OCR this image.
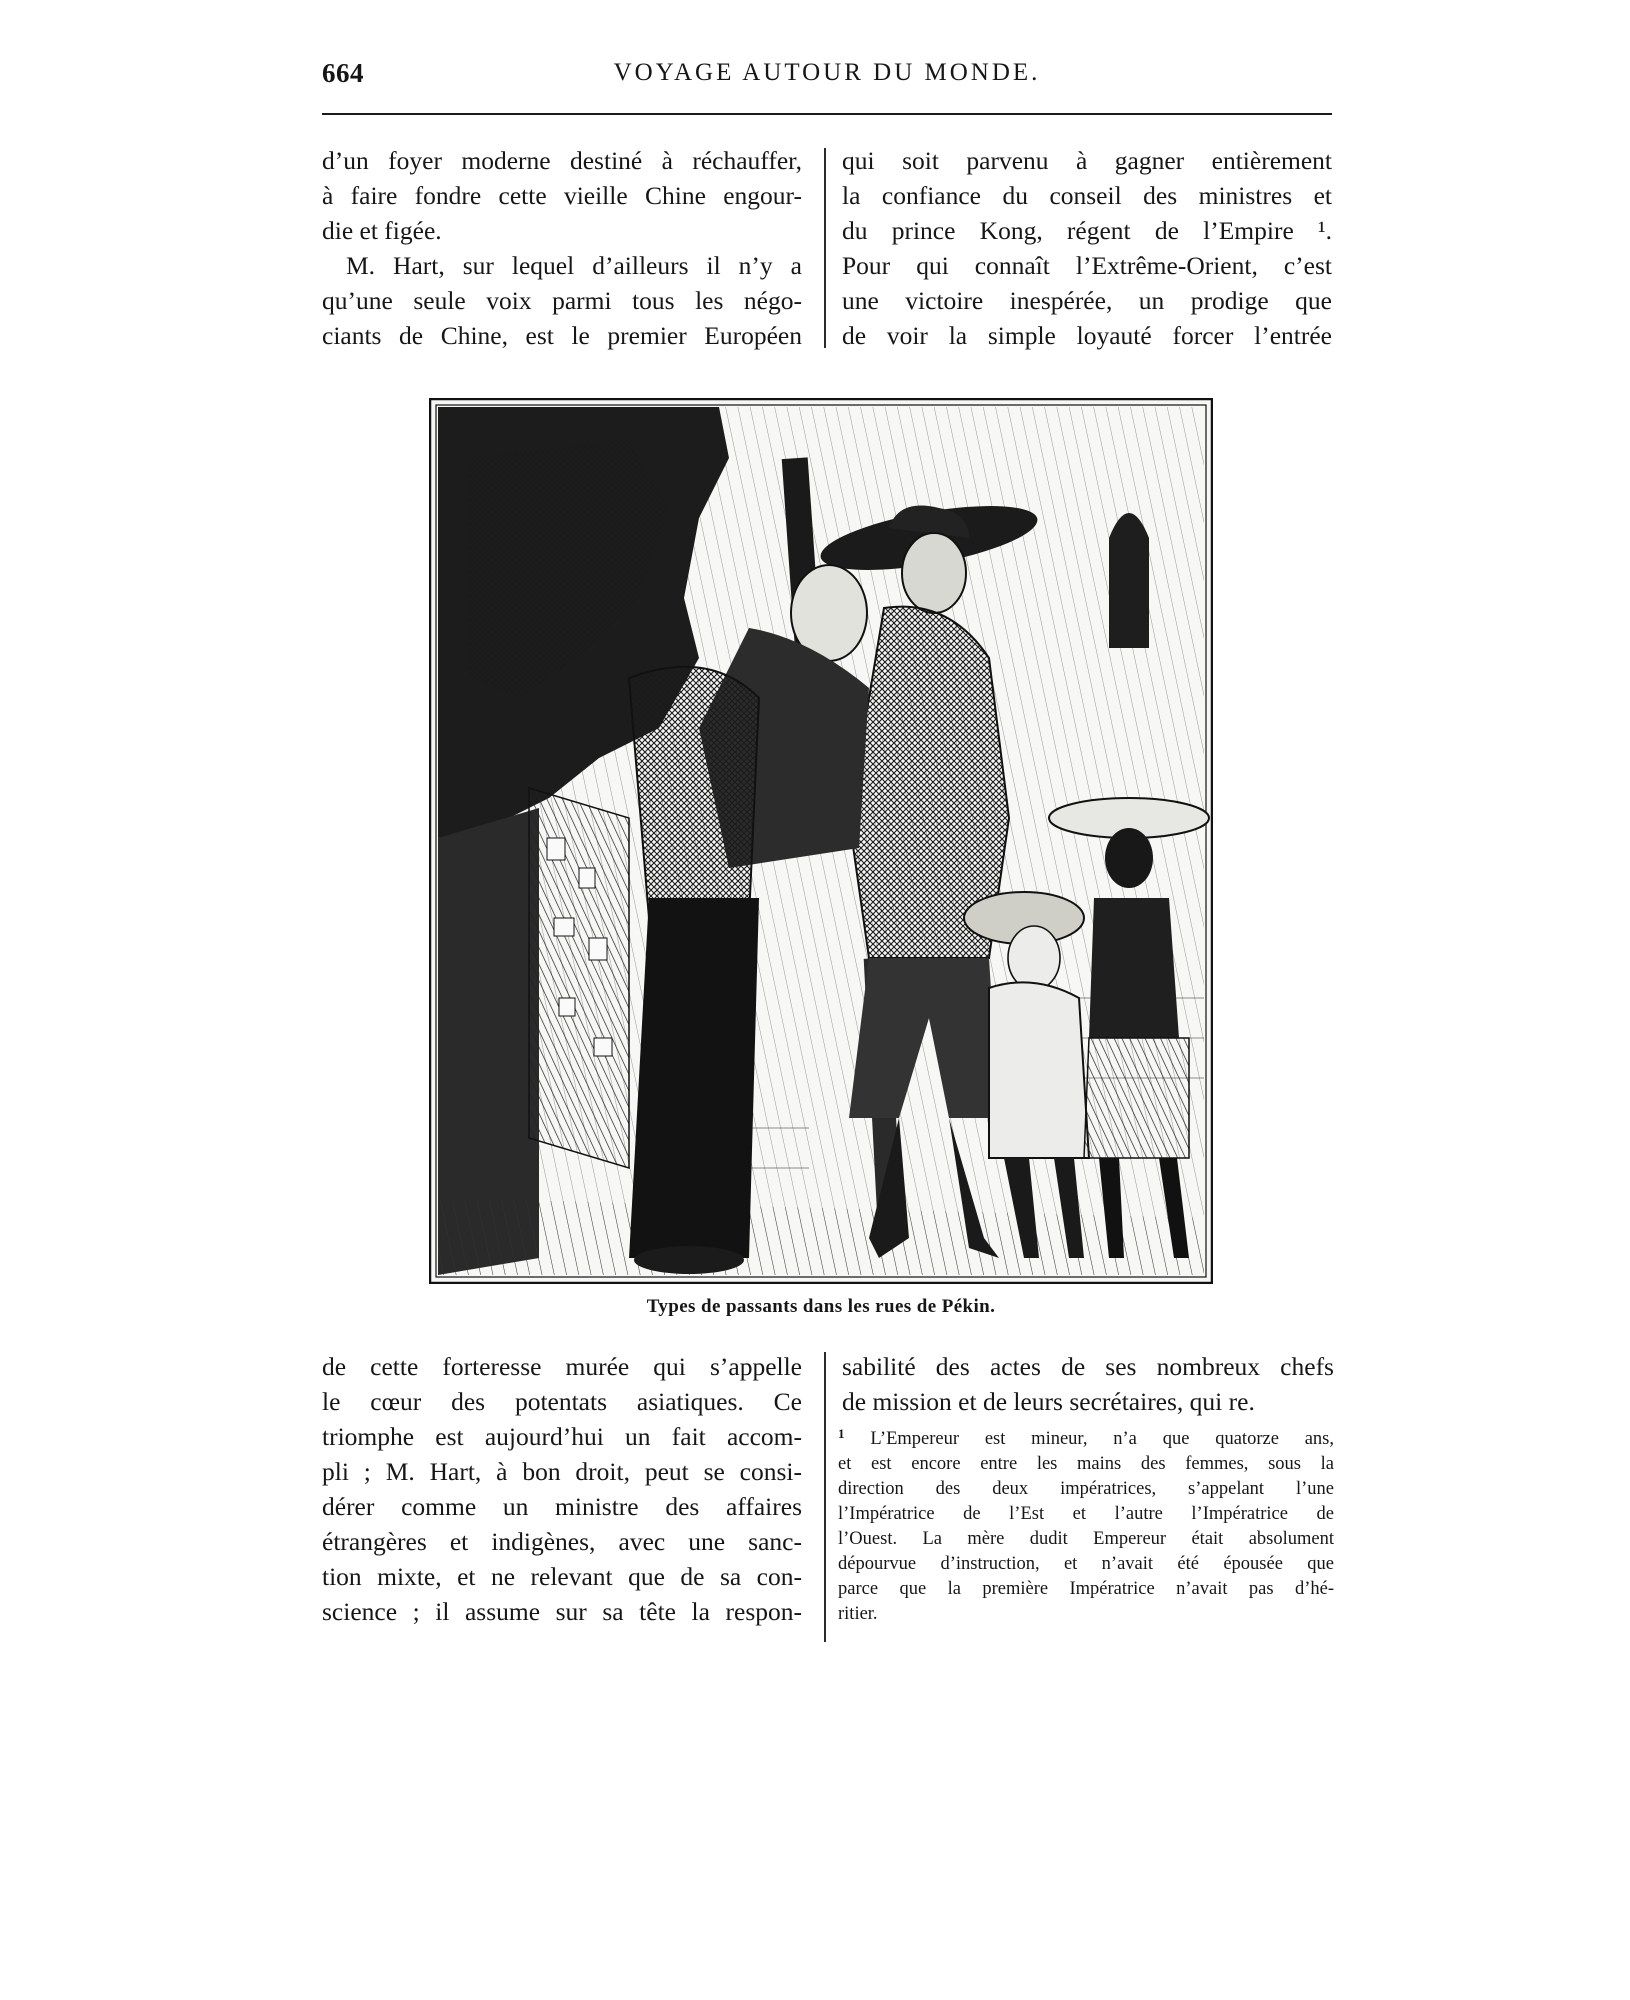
664	VOYAGE AUTOUR DU MONDE.
d’un foyer moderne destiné à réchauffer,
à faire fondre cette vieille Chine engour-
die et figée.
M. Hart, sur lequel d’ailleurs il n’y a
qu’une seule voix parmi tous les négo-
ciants de Chine, est le premier Européen
qui soit parvenu à gagner entièrement
la confiance du conseil des ministres et
du prince Kong, régent de l’Empire ¹.
Pour qui connaît l’Extrême-Orient, c’est
une victoire inespérée, un prodige que
de voir la simple loyauté forcer l’entrée
Types de passants dans les rues de Pékin.
de cette forteresse murée qui s’appelle
le cœur des potentats asiatiques. Ce
triomphe est aujourd’hui un fait accom-
pli ; M. Hart, à bon droit, peut se consi-
dérer comme un ministre des affaires
étrangères et indigènes, avec une sanc-
tion mixte, et ne relevant que de sa con-
science ; il assume sur sa tête la respon-
sabilité des actes de ses nombreux chefs
de mission et de leurs secrétaires, qui re.
$^1$ L’Empereur est mineur, n’a que quatorze ans,
et est encore entre les mains des femmes, sous la
direction des deux impératrices, s’appelant l’une
l’Impératrice de l’Est et l’autre l’Impératrice de
l’Ouest. La mère dudit Empereur était absolument
dépourvue d’instruction, et n’avait été épousée que
parce que la première Impératrice n’avait pas d’hé-
ritier.
